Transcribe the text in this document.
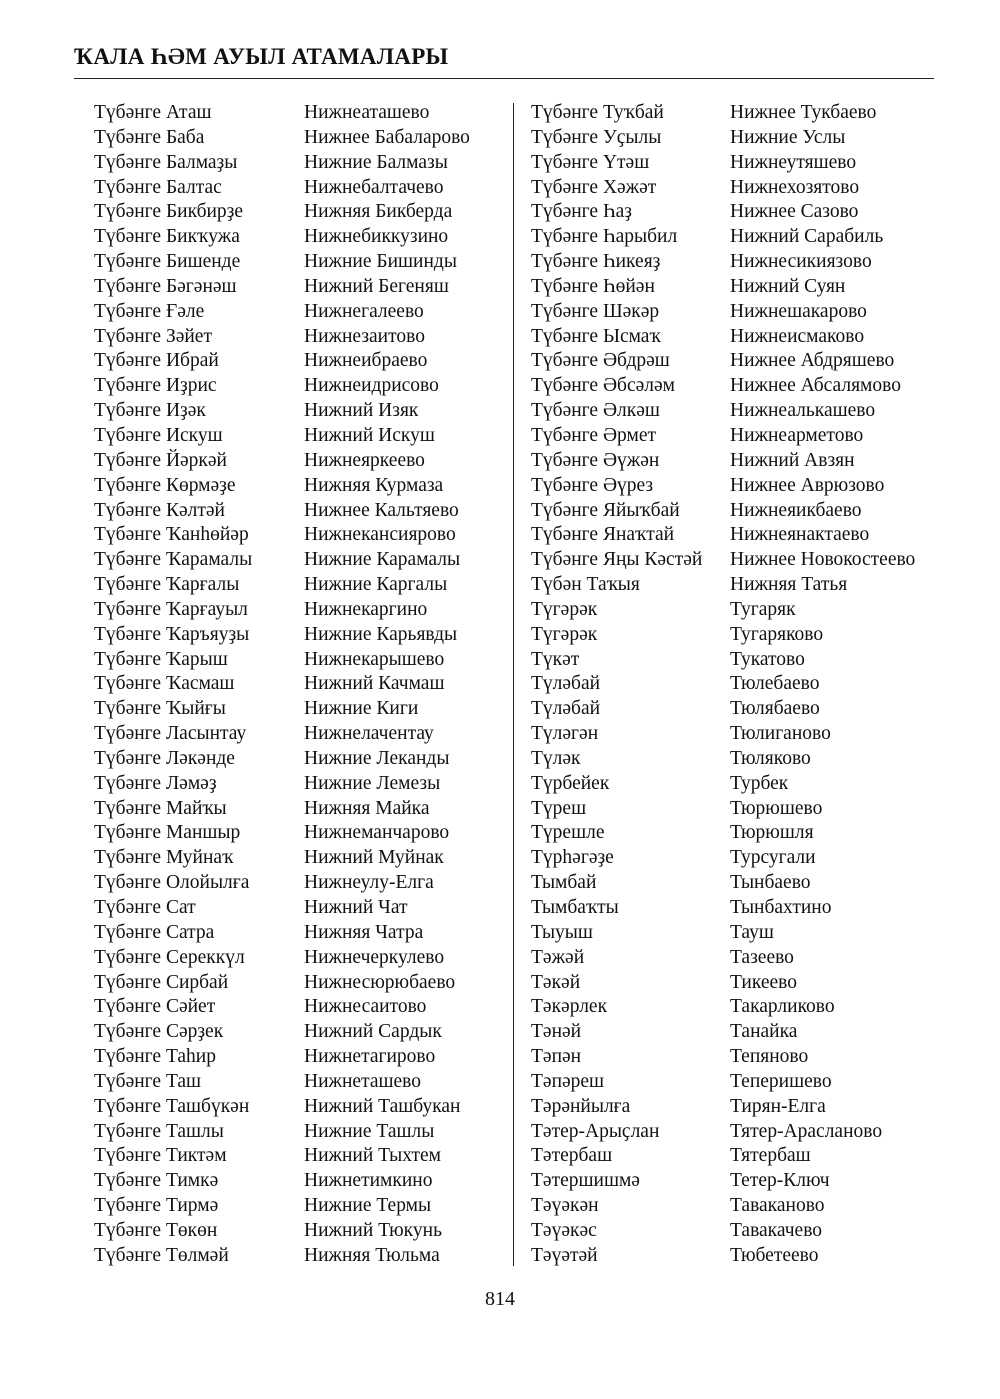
ҠАЛА ҺӘМ АУЫЛ АТАМАЛАРЫ
Түбәнге Аташ
Түбәнге Баба
Түбәнге Балмаҙы
Түбәнге Балтас
Түбәнге Бикбирҙе
Түбәнге Бикҡужа
Түбәнге Бишенде
Түбәнге Бәгәнәш
Түбәнге Ғәле
Түбәнге Зәйет
Түбәнге Ибрай
Түбәнге Иҙрис
Түбәнге Иҙәк
Түбәнге Искуш
Түбәнге Йәркәй
Түбәнге Көрмәҙе
Түбәнге Кәлтәй
Түбәнге Ҡанһөйәр
Түбәнге Ҡарамалы
Түбәнге Ҡарғалы
Түбәнге Ҡарғауыл
Түбәнге Ҡаръяуҙы
Түбәнге Ҡарыш
Түбәнге Ҡасмаш
Түбәнге Ҡыйғы
Түбәнге Ласынтау
Түбәнге Ләкәнде
Түбәнге Ләмәҙ
Түбәнге Майҡы
Түбәнге Маншыр
Түбәнге Муйнаҡ
Түбәнге Олойылға
Түбәнге Сат
Түбәнге Сатра
Түбәнге Сереккүл
Түбәнге Сирбай
Түбәнге Сәйет
Түбәнге Сәрҙек
Түбәнге Таһир
Түбәнге Таш
Түбәнге Ташбүкән
Түбәнге Ташлы
Түбәнге Тиктәм
Түбәнге Тимкә
Түбәнге Тирмә
Түбәнге Төкөн
Түбәнге Төлмәй
Нижнеаташево
Нижнее Бабаларово
Нижние Балмазы
Нижнебалтачево
Нижняя Бикберда
Нижнебиккузино
Нижние Бишинды
Нижний Бегеняш
Нижнегалеево
Нижнезаитово
Нижнеибраево
Нижнеидрисово
Нижний Изяк
Нижний Искуш
Нижнеяркеево
Нижняя Курмаза
Нижнее Кальтяево
Нижнекансиярово
Нижние Карамалы
Нижние Каргалы
Нижнекаргино
Нижние Карьявды
Нижнекарышево
Нижний Качмаш
Нижние Киги
Нижнелачентау
Нижние Леканды
Нижние Лемезы
Нижняя Майка
Нижнеманчарово
Нижний Муйнак
Нижнеулу-Елга
Нижний Чат
Нижняя Чатра
Нижнечеркулево
Нижнесюрюбаево
Нижнесаитово
Нижний Сардык
Нижнетагирово
Нижнеташево
Нижний Ташбукан
Нижние Ташлы
Нижний Тыхтем
Нижнетимкино
Нижние Термы
Нижний Тюкунь
Нижняя Тюльма
Түбәнге Туҡбай
Түбәнге Уҫылы
Түбәнге Үтәш
Түбәнге Хәжәт
Түбәнге Һаҙ
Түбәнге Һарыбил
Түбәнге Һикеяҙ
Түбәнге Һөйән
Түбәнге Шәкәр
Түбәнге Ысмаҡ
Түбәнге Әбдрәш
Түбәнге Әбсәләм
Түбәнге Әлкәш
Түбәнге Әрмет
Түбәнге Әүжән
Түбәнге Әүрез
Түбәнге Яйыҡбай
Түбәнге Янаҡтай
Түбәнге Яңы Кәстәй
Түбән Таҡыя
Түгәрәк
Түгәрәк
Түкәт
Түләбай
Түләбай
Түләгән
Түләк
Түрбейек
Түреш
Түрешле
Түрһәгәҙе
Тымбай
Тымбаҡты
Тыуыш
Тәжәй
Тәкәй
Тәкәрлек
Тәнәй
Тәпән
Тәпәреш
Тәрәнйылға
Тәтер-Арыҫлан
Тәтербаш
Тәтершишмә
Тәүәкән
Тәүәкәс
Тәүәтәй
Нижнее Тукбаево
Нижние Услы
Нижнеутяшево
Нижнехозятово
Нижнее Сазово
Нижний Сарабиль
Нижнесикиязово
Нижний Суян
Нижнешакарово
Нижнеисмаково
Нижнее Абдряшево
Нижнее Абсалямово
Нижнеалькашево
Нижнеарметово
Нижний Авзян
Нижнее Аврюзово
Нижнеяикбаево
Нижнеянактаево
Нижнее Новокостеево
Нижняя Татья
Тугаряк
Тугаряково
Тукатово
Тюлебаево
Тюлябаево
Тюлиганово
Тюляково
Турбек
Тюрюшево
Тюрюшля
Турсугали
Тынбаево
Тынбахтино
Тауш
Тазеево
Тикеево
Такарликово
Танайка
Тепяново
Теперишево
Тирян-Елга
Тятер-Арасланово
Тятербаш
Тетер-Ключ
Таваканово
Тавакачево
Тюбетеево
814
